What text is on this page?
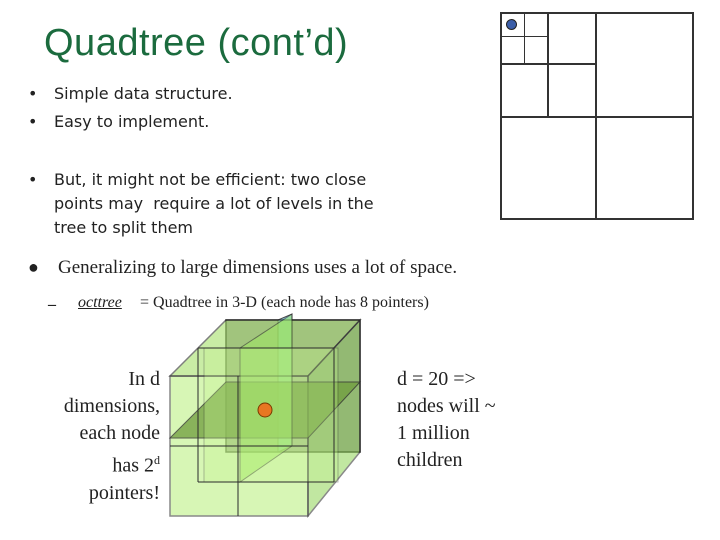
Quadtree (cont’d)
• Simple data structure.
• Easy to implement.
• But, it might not be efficient: two close
points may  require a lot of levels in the
tree to split them
● Generalizing to large dimensions uses a lot of space.
– octtree = Quadtree in 3-D (each node has 8 pointers)
In d
dimensions,
each node
has 2$^d$
pointers!
d = 20 =>
nodes will ~
1 million
children
